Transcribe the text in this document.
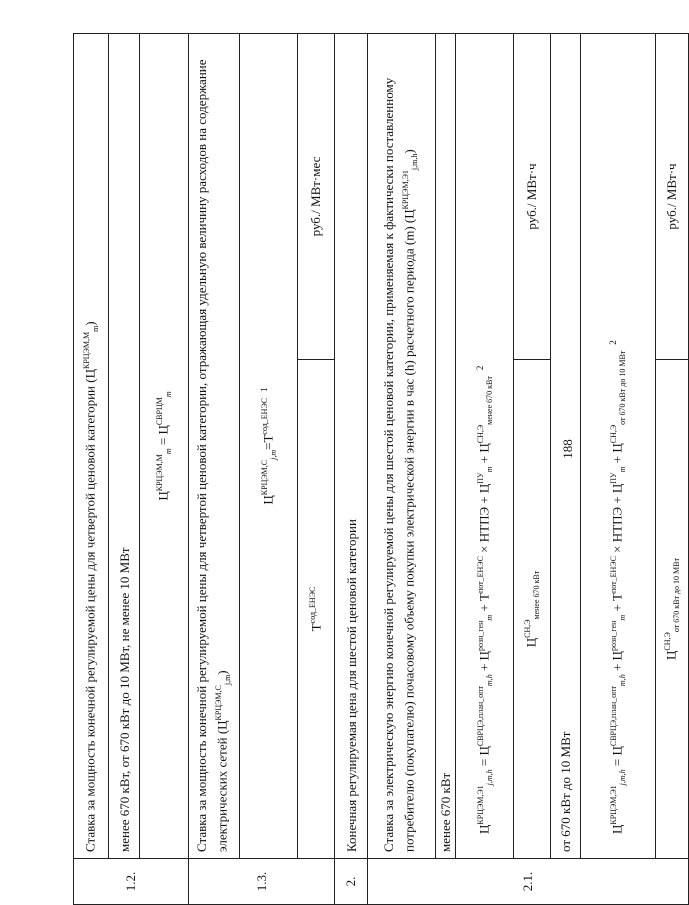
188
1.2.	Ставка за мощность конечной регулируемой цены для четвертой ценовой категории $(Ц^{КРЦЭМ,М}_m)$	
	менее 670 кВт, от 670 кВт до 10 МВт, не менее 10 МВт	
	$Ц^{КРЦЭМ,М}_m = Ц^{СВРЦМ}_m$
1.3.	Ставка за мощность конечной регулируемой цены для четвертой ценовой категории, отражающая удельную величину расходов на содержание электрических сетей $(Ц^{КРЦЭМ,С}_{j,m})$	
	$Ц^{КРЦЭМ,С}_{j,m}=Т^{сод\_ЕНЭС1}$
	$Т^{сод\_ЕНЭС}$	руб./ МВт·мес
2.	Конечная регулируемая цена для шестой ценовой категории	
2.1.	Ставка за электрическую энергию конечной регулируемой цены для шестой ценовой категории, применяемая к фактически поставленному потребителю (покупателю) почасовому объему покупки электрической энергии в час (h) расчетного периода (m) $(Ц^{КРЦЭМ,Э1}_{j,m,h})$	
	менее 670 кВт	
	$Ц^{КРЦЭМ,Э1}_{j,m,h} = Ц^{СВРЦЭ,план\_опт}_{m,h} + Ц^{розн\_ген}_m + Т^{пот\_ЕНЭС}$ × НТПЭ + $Ц^{ПУ}_m + Ц^{СН,Э}_{менее 670 кВт}^2$
	$Ц^{СН,Э}_{менее 670 кВт}$	руб./ МВт·ч
	от 670 кВт до 10 МВт	
	$Ц^{КРЦЭМ,Э1}_{j,m,h} = Ц^{СВРЦЭ,план\_опт}_{m,h} + Ц^{розн\_ген}_m + Т^{пот\_ЕНЭС}$ × НТПЭ + $Ц^{ПУ}_m + Ц^{СН,Э}_{от 670 кВт до 10 МВт}^2$
	$Ц^{СН,Э}_{от 670 кВт до 10 МВт}$	руб./ МВт·ч
